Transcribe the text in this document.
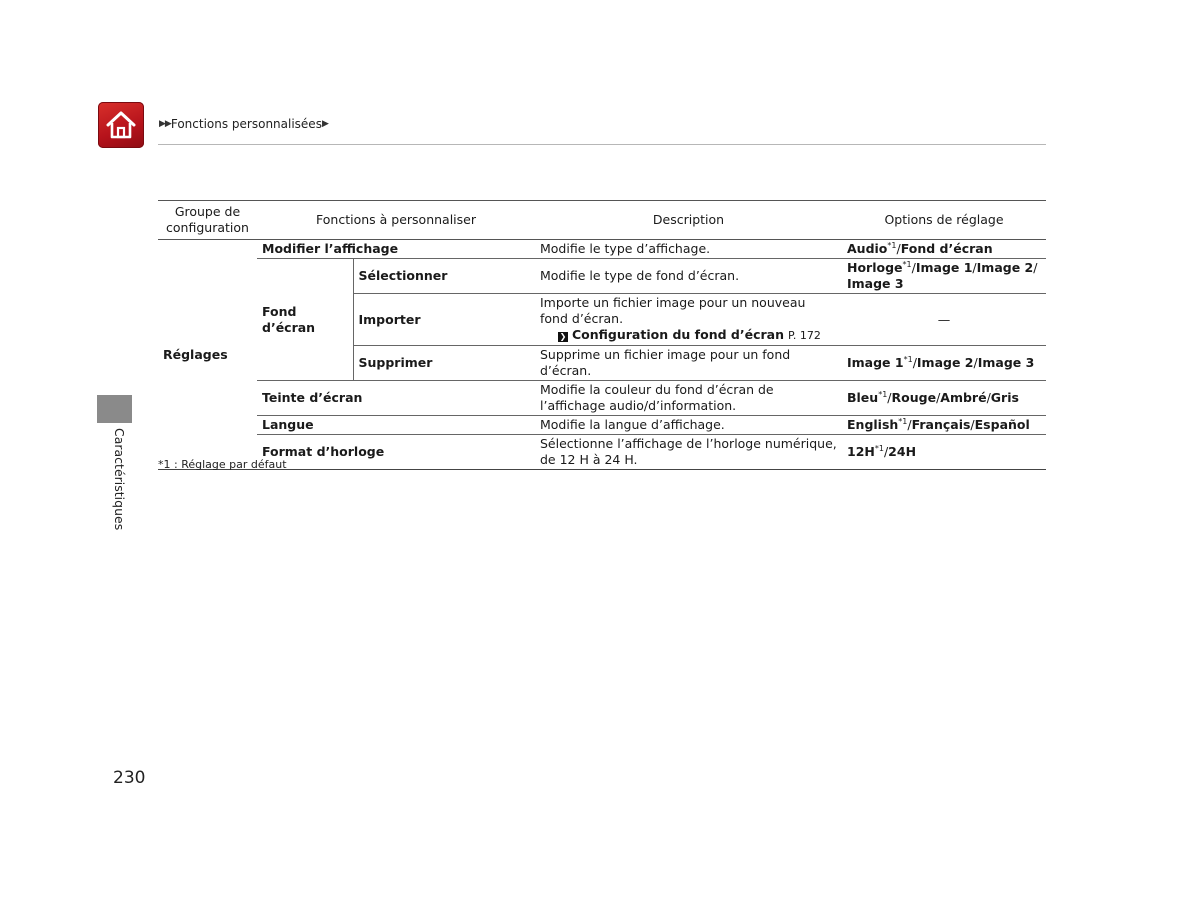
▶▶ Fonctions personnalisées ▶
Caractéristiques
Groupe de configuration	Fonctions à personnaliser		Description	Options de réglage
Réglages	Modifier l’affichage		Modifie le type d’affichage.	Audio$^{*1}$/Fond d’écran
	Fond d’écran	Sélectionner	Modifie le type de fond d’écran.	Horloge$^{*1}$/Image 1/Image 2/
Image 3
		Importer	Importe un fichier image pour un nouveau fond d’écran.
❯ Configuration du fond d’écran P. 172	—
		Supprimer	Supprime un fichier image pour un fond d’écran.	Image 1$^{*1}$/Image 2/Image 3
	Teinte d’écran		Modifie la couleur du fond d’écran de l’affichage audio/d’information.	Bleu$^{*1}$/Rouge/Ambré/Gris
	Langue		Modifie la langue d’affichage.	English$^{*1}$/Français/Español
	Format d’horloge		Sélectionne l’affichage de l’horloge numérique, de 12 H à 24 H.	$12H^{*1}/24H$
*1 : Réglage par défaut
230
